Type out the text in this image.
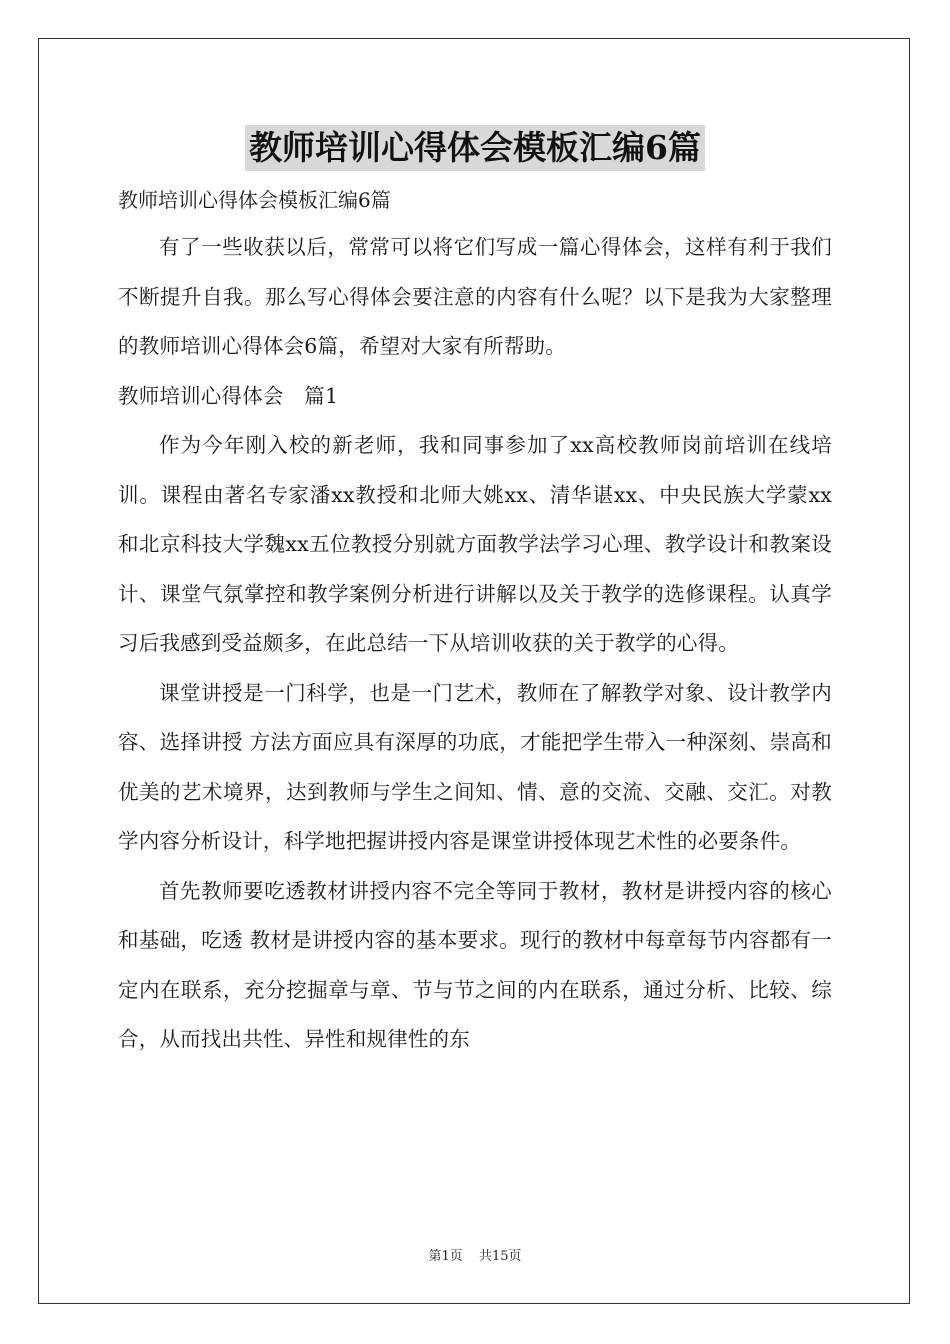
教师培训心得体会模板汇编6篇
教师培训心得体会模板汇编6篇

有了一些收获以后，常常可以将它们写成一篇心得体会，这样有利于我们不断提升自我。那么写心得体会要注意的内容有什么呢？以下是我为大家整理的教师培训心得体会6篇，希望对大家有所帮助。

教师培训心得体会　篇1

作为今年刚入校的新老师，我和同事参加了xx高校教师岗前培训在线培训。课程由著名专家潘xx教授和北师大姚xx、清华谌xx、中央民族大学蒙xx和北京科技大学魏xx五位教授分别就方面教学法学习心理、教学设计和教案设计、课堂气氛掌控和教学案例分析进行讲解以及关于教学的选修课程。认真学习后我感到受益颇多，在此总结一下从培训收获的关于教学的心得。

课堂讲授是一门科学，也是一门艺术，教师在了解教学对象、设计教学内容、选择讲授 方法方面应具有深厚的功底，才能把学生带入一种深刻、崇高和优美的艺术境界，达到教师与学生之间知、情、意的交流、交融、交汇。对教学内容分析设计，科学地把握讲授内容是课堂讲授体现艺术性的必要条件。

首先教师要吃透教材讲授内容不完全等同于教材，教材是讲授内容的核心和基础，吃透 教材是讲授内容的基本要求。现行的教材中每章每节内容都有一定内在联系，充分挖掘章与章、节与节之间的内在联系，通过分析、比较、综合，从而找出共性、异性和规律性的东

第1页 共15页
